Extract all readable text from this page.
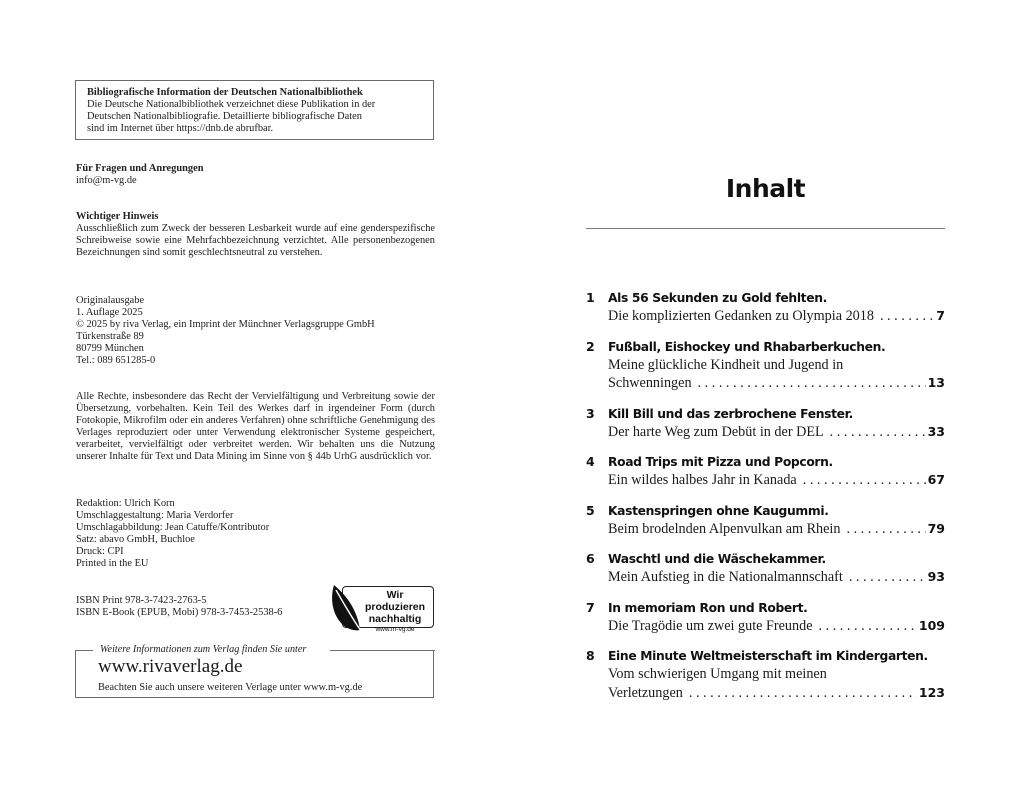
Bibliografische Information der Deutschen Nationalbibliothek

Die Deutsche Nationalbibliothek verzeichnet diese Publikation in der

Deutschen Nationalbibliografie. Detaillierte bibliografische Daten

sind im Internet über https://dnb.de abrufbar.

Für Fragen und Anregungen

info@m-vg.de

Wichtiger Hinweis

Ausschließlich zum Zweck der besseren Lesbarkeit wurde auf eine genderspezifische Schreibweise sowie eine Mehrfachbezeichnung verzichtet. Alle personenbezogenen Bezeichnungen sind somit geschlechtsneutral zu verstehen.

Originalausgabe

1. Auflage 2025

© 2025 by riva Verlag, ein Imprint der Münchner Verlagsgruppe GmbH

Türkenstraße 89

80799 München

Tel.: 089 651285-0

Alle Rechte, insbesondere das Recht der Vervielfältigung und Verbreitung sowie der Übersetzung, vorbehalten. Kein Teil des Werkes darf in irgendeiner Form (durch Fotokopie, Mikrofilm oder ein anderes Verfahren) ohne schriftliche Genehmigung des Verlages reproduziert oder unter Verwendung elektronischer Systeme gespeichert, verarbeitet, vervielfältigt oder verbreitet werden. Wir behalten uns die Nutzung unserer Inhalte für Text und Data Mining im Sinne von § 44b UrhG ausdrücklich vor.

Redaktion: Ulrich Korn

Umschlaggestaltung: Maria Verdorfer

Umschlagabbildung: Jean Catuffe/Kontributor

Satz: abavo GmbH, Buchloe

Druck: CPI

Printed in the EU

ISBN Print 978-3-7423-2763-5

ISBN E-Book (EPUB, Mobi) 978-3-7453-2538-6

Wir produzieren
nachhaltig
www.m-vg.de
Weitere Informationen zum Verlag finden Sie unter
www.rivaverlag.de
Beachten Sie auch unsere weiteren Verlage unter www.m-vg.de
Inhalt
1	Als 56 Sekunden zu Gold fehlten.
Die komplizierten Gedanken zu Olympia 2018 . . .	7
2	Fußball, Eishockey und Rhabarberkuchen.
Meine glückliche Kindheit und Jugend in
Schwenningen . . .	13
3	Kill Bill und das zerbrochene Fenster.
Der harte Weg zum Debüt in der DEL . . .	33
4	Road Trips mit Pizza und Popcorn.
Ein wildes halbes Jahr in Kanada . . .	67
5	Kastenspringen ohne Kaugummi.
Beim brodelnden Alpenvulkan am Rhein . . .	79
6	Waschtl und die Wäschekammer.
Mein Aufstieg in die Nationalmannschaft . . .	93
7	In memoriam Ron und Robert.
Die Tragödie um zwei gute Freunde . . .	109
8	Eine Minute Weltmeisterschaft im Kindergarten.
Vom schwierigen Umgang mit meinen
Verletzungen . . .	123
